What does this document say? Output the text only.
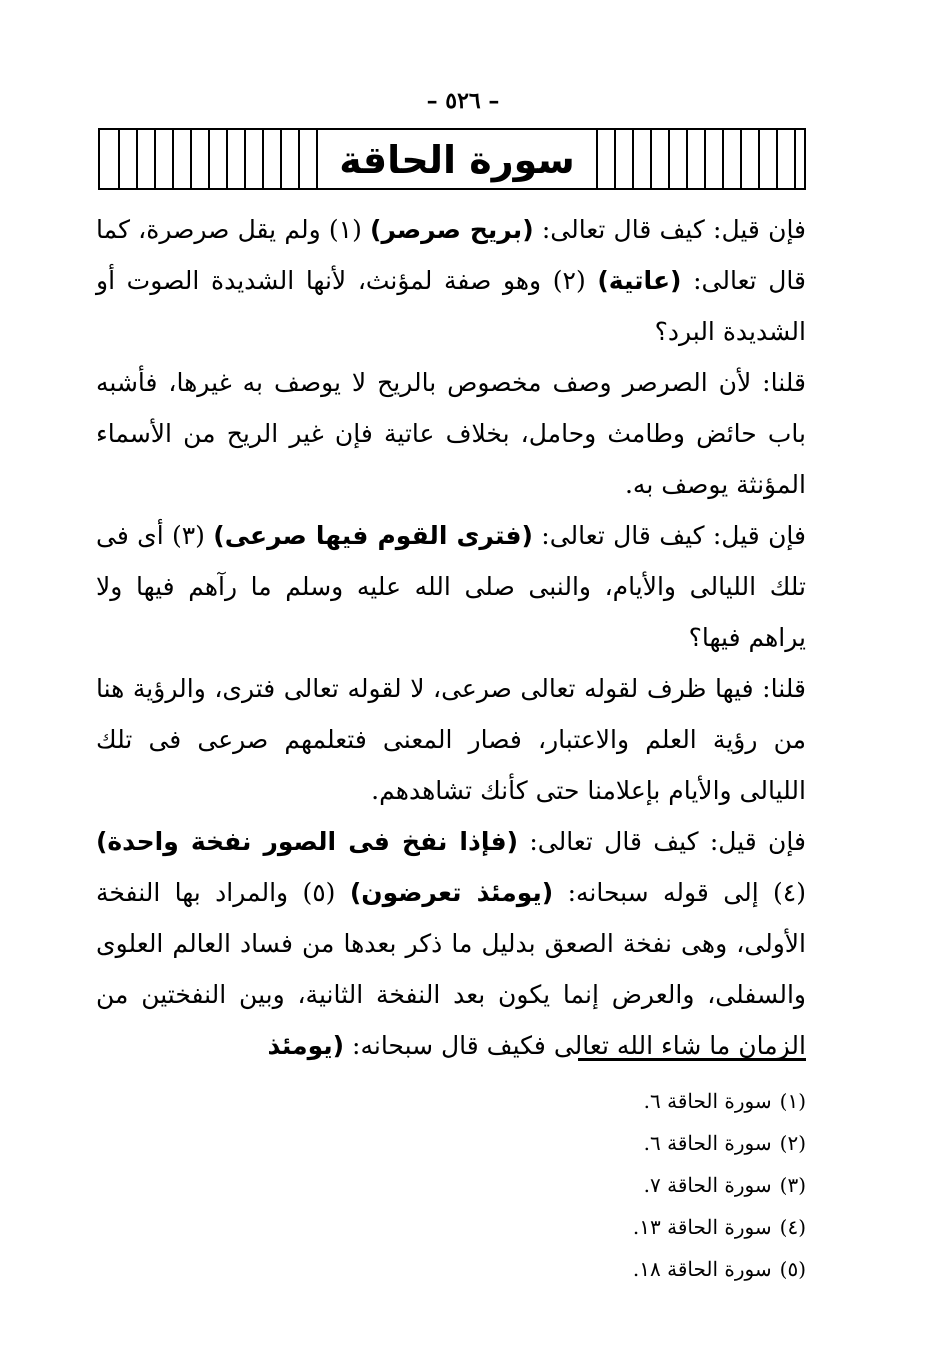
– ٥٢٦ –
سورة الحاقة

فإن قيل: كيف قال تعالى: (بريح صرصر) (١) ولم يقل صرصرة، كما قال تعالى: (عاتية) (٢) وهو صفة لمؤنث، لأنها الشديدة الصوت أو الشديدة البرد؟

قلنا: لأن الصرصر وصف مخصوص بالريح لا يوصف به غيرها، فأشبه باب حائض وطامث وحامل، بخلاف عاتية فإن غير الريح من الأسماء المؤنثة يوصف به.

فإن قيل: كيف قال تعالى: (فترى القوم فيها صرعى) (٣) أى فى تلك الليالى والأيام، والنبى صلى الله عليه وسلم ما رآهم فيها ولا يراهم فيها؟

قلنا: فيها ظرف لقوله تعالى صرعى، لا لقوله تعالى فترى، والرؤية هنا من رؤية العلم والاعتبار، فصار المعنى فتعلمهم صرعى فى تلك الليالى والأيام بإعلامنا حتى كأنك تشاهدهم.

فإن قيل: كيف قال تعالى: (فإذا نفخ فى الصور نفخة واحدة) (٤) إلى قوله سبحانه: (يومئذ تعرضون) (٥) والمراد بها النفخة الأولى، وهى نفخة الصعق بدليل ما ذكر بعدها من فساد العالم العلوى والسفلى، والعرض إنما يكون بعد النفخة الثانية، وبين النفختين من الزمان ما شاء الله تعالى فكيف قال سبحانه: (يومئذ

(١)سورة الحاقة ٦.
(٢)سورة الحاقة ٦.
(٣)سورة الحاقة ٧.
(٤)سورة الحاقة ١٣.
(٥)سورة الحاقة ١٨.
